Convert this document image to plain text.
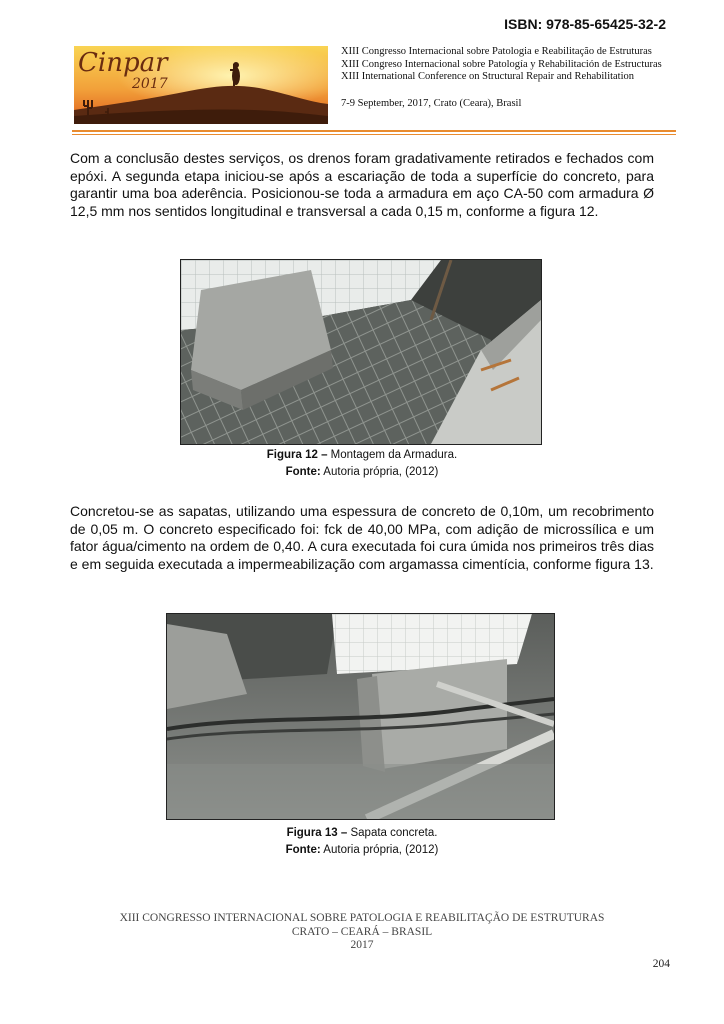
ISBN: 978-85-65425-32-2
Cinpar
2017
XIII Congresso Internacional sobre Patologia e Reabilitação de Estruturas
XIII Congreso Internacional sobre Patología y Rehabilitación de Estructuras
XIII International Conference on Structural Repair and Rehabilitation
7-9 September, 2017, Crato (Ceara), Brasil

Com a conclusão destes serviços, os drenos foram gradativamente retirados e fechados com epóxi. A segunda etapa iniciou-se após a escariação de toda a superfície do concreto, para garantir uma boa aderência. Posicionou-se toda a armadura em aço CA-50 com armadura Ø 12,5 mm nos sentidos longitudinal e transversal a cada 0,15 m, conforme a figura 12.

Figura 12 – Montagem da Armadura.
Fonte: Autoria própria, (2012)

Concretou-se as sapatas, utilizando uma espessura de concreto de 0,10m, um recobrimento de 0,05 m. O concreto especificado foi: fck de 40,00 MPa, com adição de microssílica e um fator água/cimento na ordem de 0,40. A cura executada foi cura úmida nos primeiros três dias e em seguida executada a impermeabilização com argamassa cimentícia, conforme figura 13.

Figura 13 – Sapata concreta.
Fonte: Autoria própria, (2012)
XIII CONGRESSO INTERNACIONAL SOBRE PATOLOGIA E REABILITAÇÃO DE ESTRUTURAS
CRATO – CEARÁ – BRASIL
2017
204
